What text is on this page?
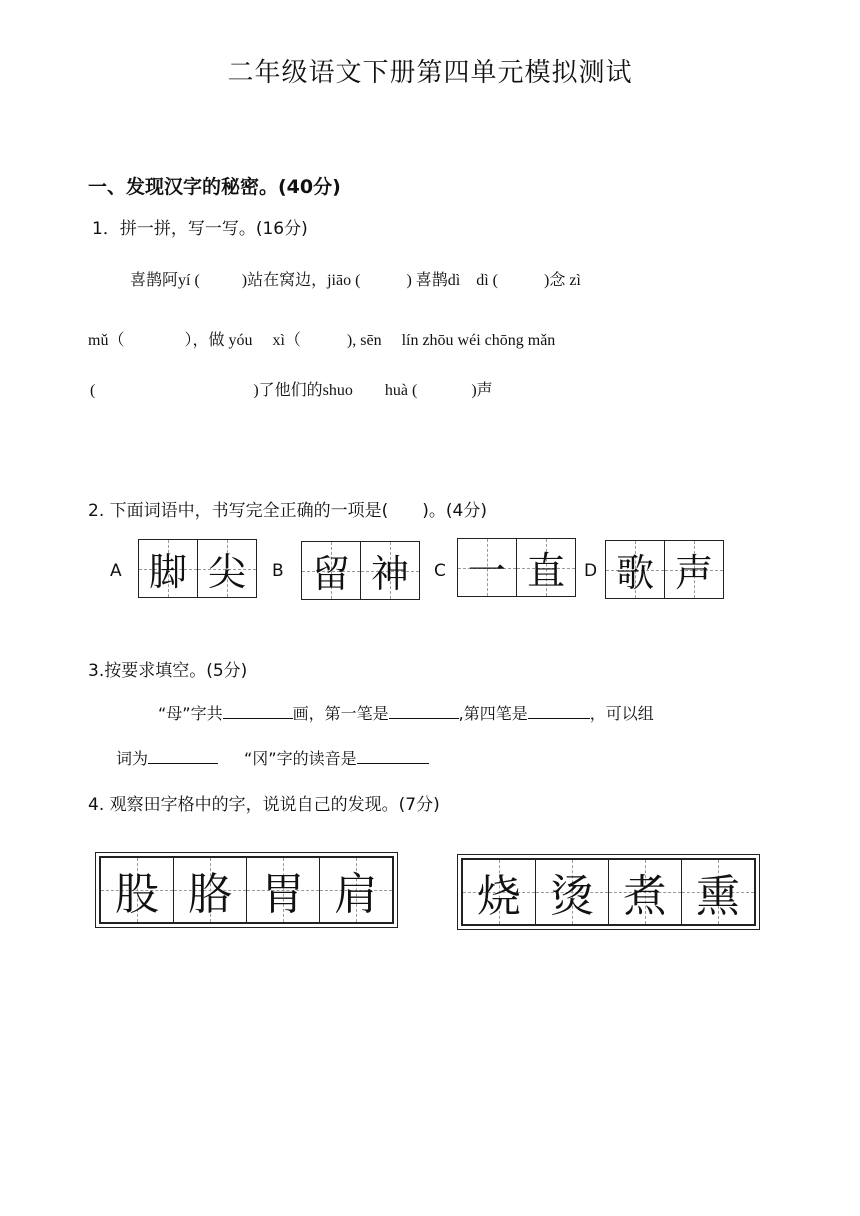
二年级语文下册第四单元模拟测试
一、发现汉字的秘密。(40分)
1．拼一拼，写一写。(16分)
喜鹊阿yí (	)站在窝边，jiāo (	) 喜鹊dì　dì (	)念 zì
mǔ（	），做 yóu　 xì（	), sēn　 lín zhōu wéi chōng mǎn
(	)了他们的shuo　　huà (	)声
2. 下面词语中，书写完全正确的一项是(　　)。(4分)
A 脚 尖 B 留 神 C 一 直 D 歌 声
3.按要求填空。(5分)
“母”字共	画，第一笔是	,第四笔是	，可以组
词为	“冈”字的读音是
4. 观察田字格中的字，说说自己的发现。(7分)
股 胳 胃 肩 烧 烫 煮 熏
